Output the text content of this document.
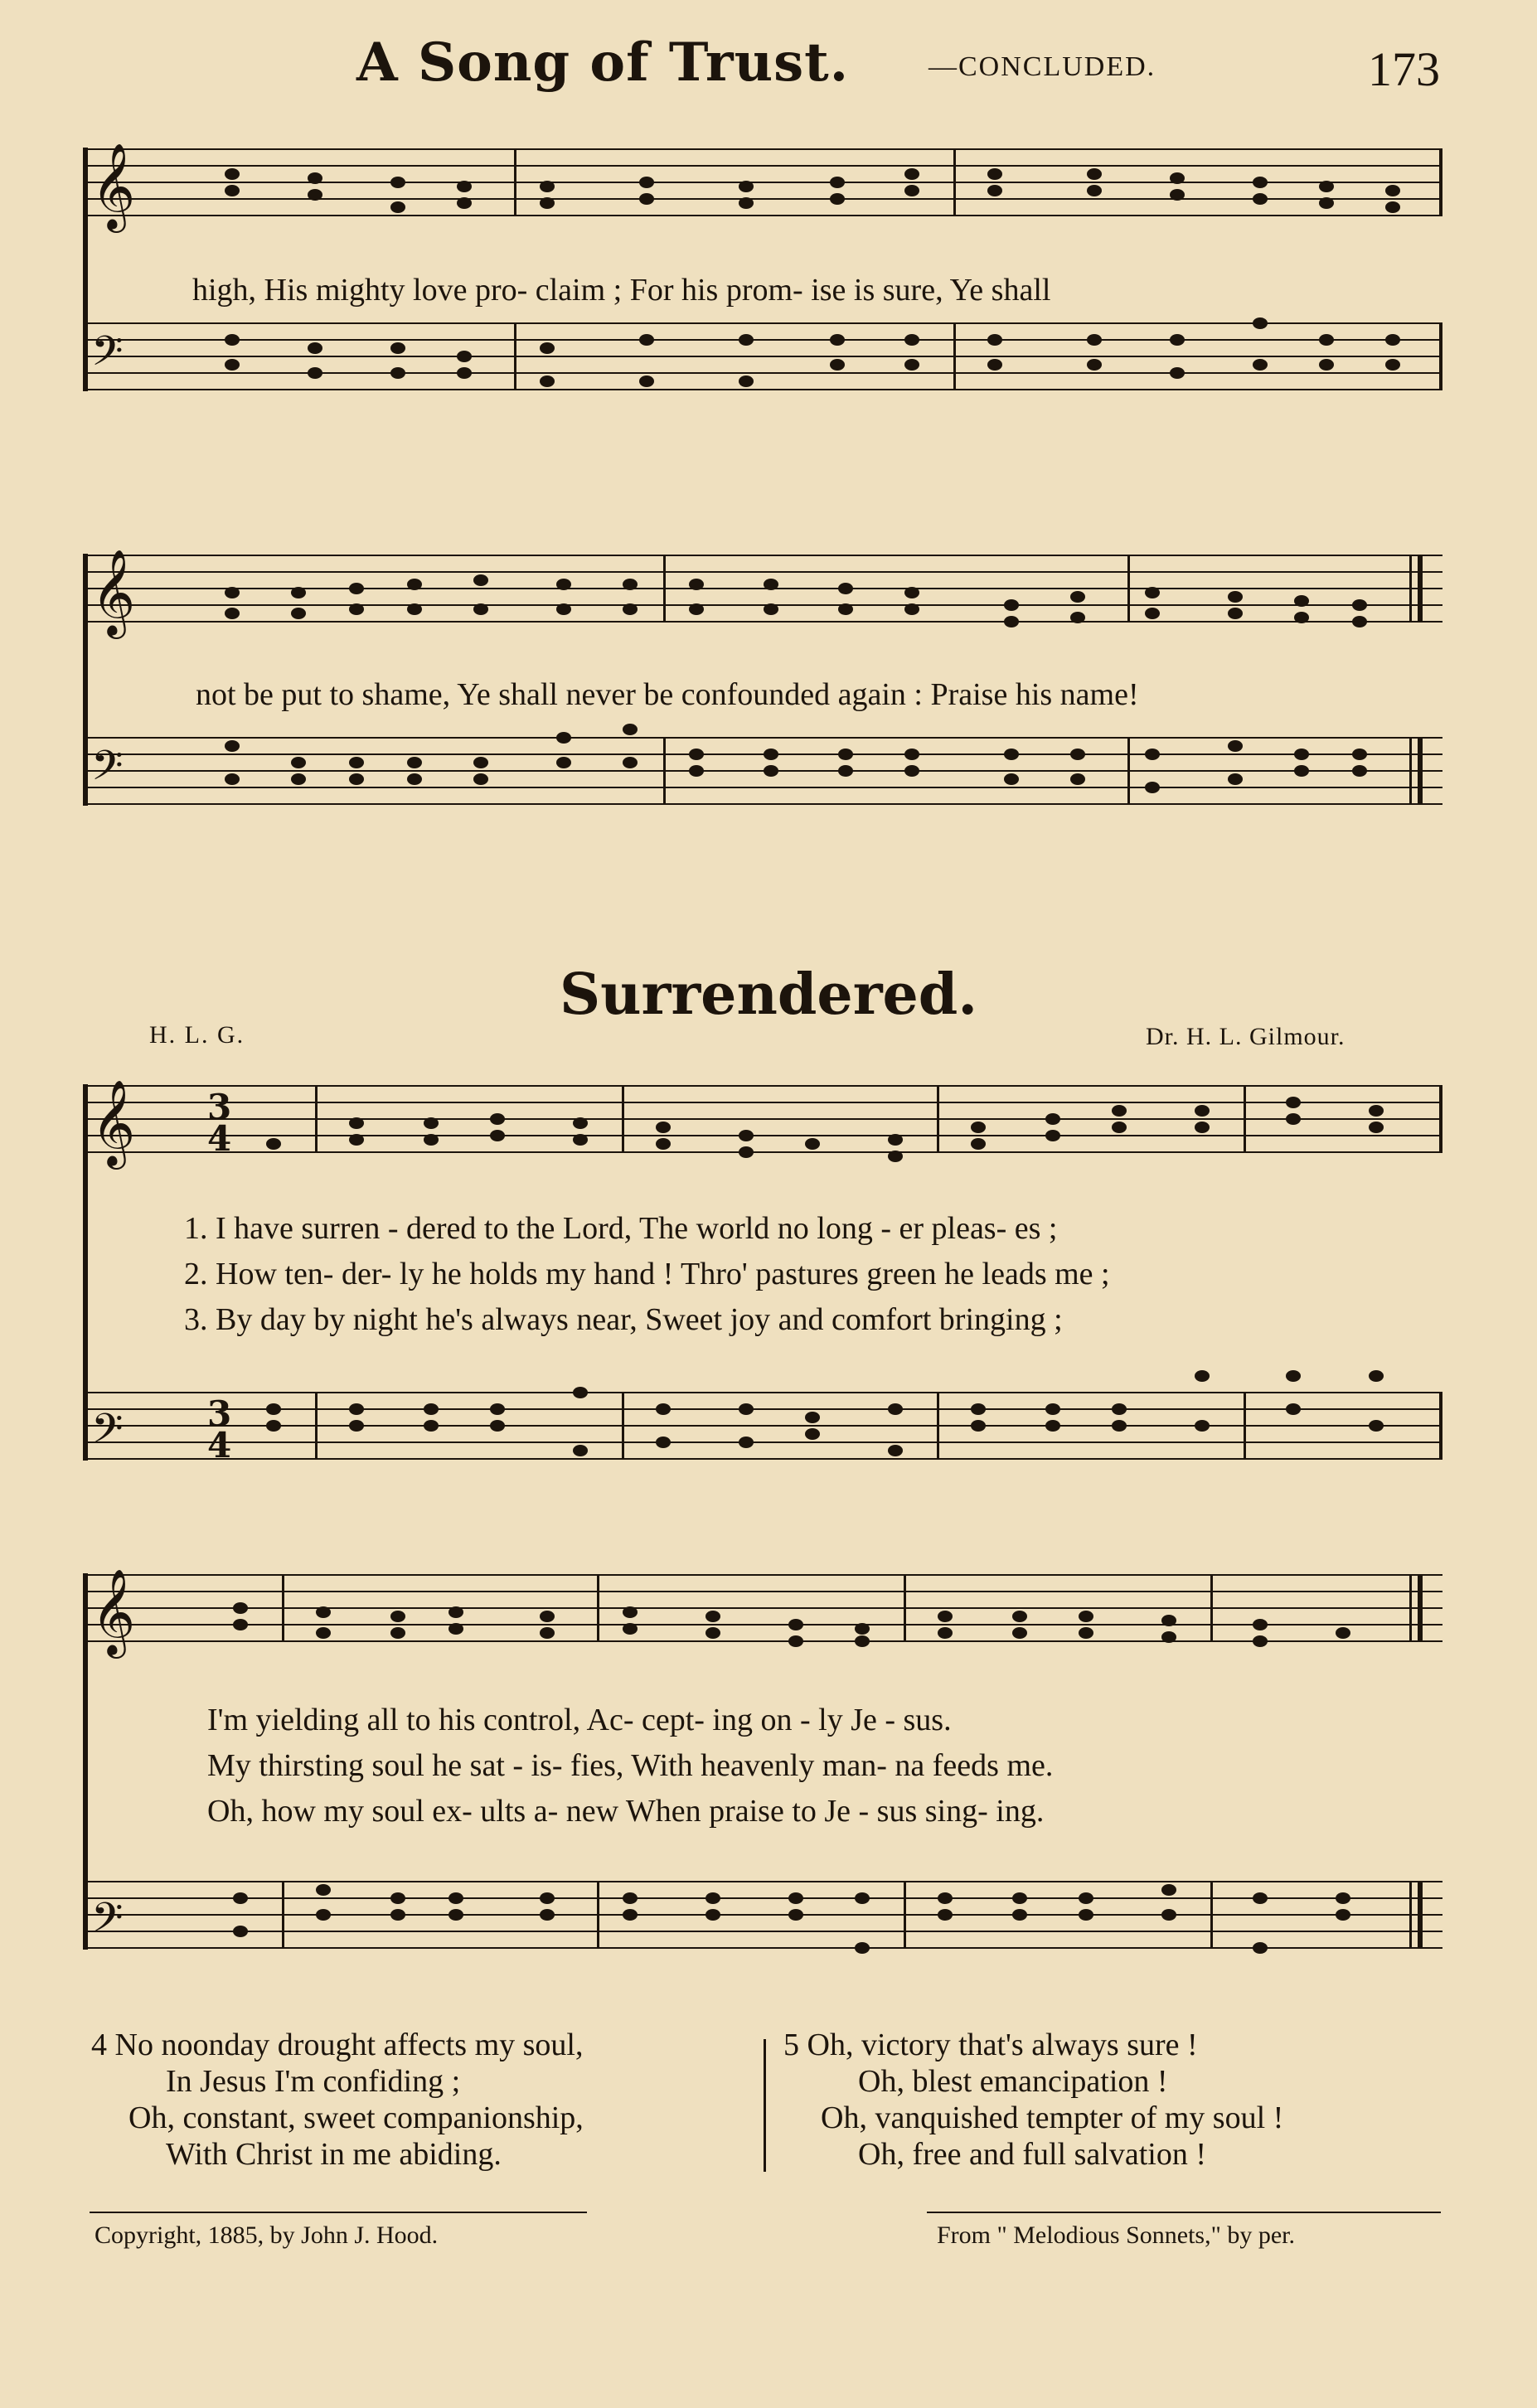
A Song of Trust.	—CONCLUDED.	173
𝄞
𝄢
high, His mighty love pro- claim ; For his prom- ise is sure, Ye shall
𝄞
𝄢
not be put to shame, Ye shall never be confounded again : Praise his name!
Surrendered.
H. L. G.	Dr. H. L. Gilmour.
𝄞
𝄢
3
4
3
4
1. I have surren - dered to the Lord, The world no long - er pleas- es ;
2. How ten- der- ly he holds my hand ! Thro' pastures green he leads me ;
3. By day by night he's always near, Sweet joy and comfort bringing ;
𝄞
𝄢
I'm yielding all to his control, Ac- cept- ing on - ly Je - sus.
My thirsting soul he sat - is- fies, With heavenly man- na feeds me.
Oh, how my soul ex- ults a- new When praise to Je - sus sing- ing.
4 No noonday drought affects my soul,
In Jesus I'm confiding ;
Oh, constant, sweet companionship,
With Christ in me abiding.
5 Oh, victory that's always sure !
Oh, blest emancipation !
Oh, vanquished tempter of my soul !
Oh, free and full salvation !
Copyright, 1885, by John J. Hood.	From " Melodious Sonnets," by per.
